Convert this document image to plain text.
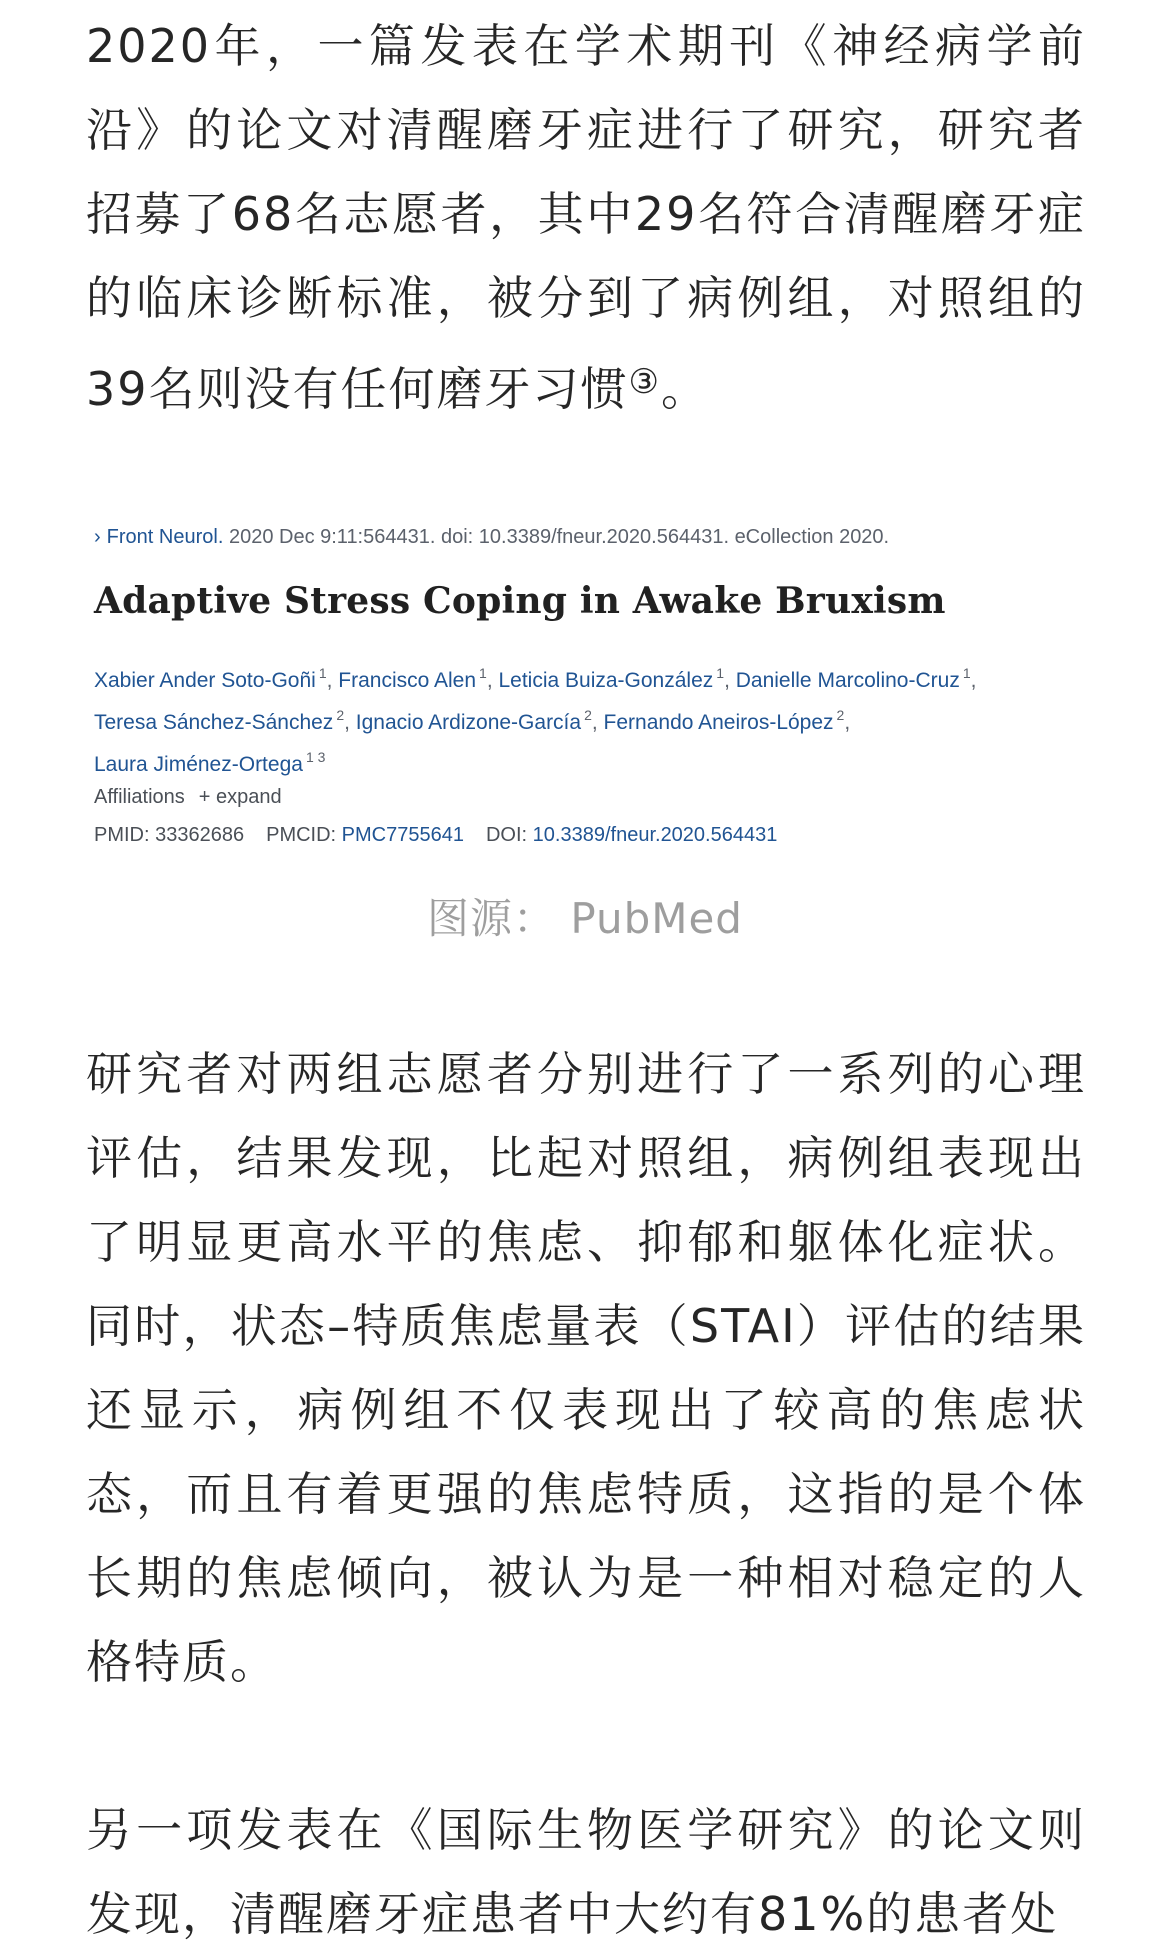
2020年，一篇发表在学术期刊《神经病学前沿》的论文对清醒磨牙症进行了研究，研究者招募了68名志愿者，其中29名符合清醒磨牙症的临床诊断标准，被分到了病例组，对照组的39名则没有任何磨牙习惯③。

› Front Neurol. 2020 Dec 9:11:564431. doi: 10.3389/fneur.2020.564431. eCollection 2020.
Adaptive Stress Coping in Awake Bruxism
Xabier Ander Soto-Goñi $^1$, Francisco Alen $^1$, Leticia Buiza-González $^1$, Danielle Marcolino-Cruz $^1$,
Teresa Sánchez-Sánchez $^2$, Ignacio Ardizone-García $^2$, Fernando Aneiros-López $^2$,
Laura Jiménez-Ortega $^{1 3}$
Affiliations + expand
PMID: 33362686 PMCID: PMC7755641 DOI: 10.3389/fneur.2020.564431
图源： PubMed

研究者对两组志愿者分别进行了一系列的心理评估，结果发现，比起对照组，病例组表现出了明显更高水平的焦虑、抑郁和躯体化症状。同时，状态–特质焦虑量表（STAI）评估的结果还显示，病例组不仅表现出了较高的焦虑状态，而且有着更强的焦虑特质，这指的是个体长期的焦虑倾向，被认为是一种相对稳定的人格特质。

另一项发表在《国际生物医学研究》的论文则发现，清醒磨牙症患者中大约有81%的患者处
